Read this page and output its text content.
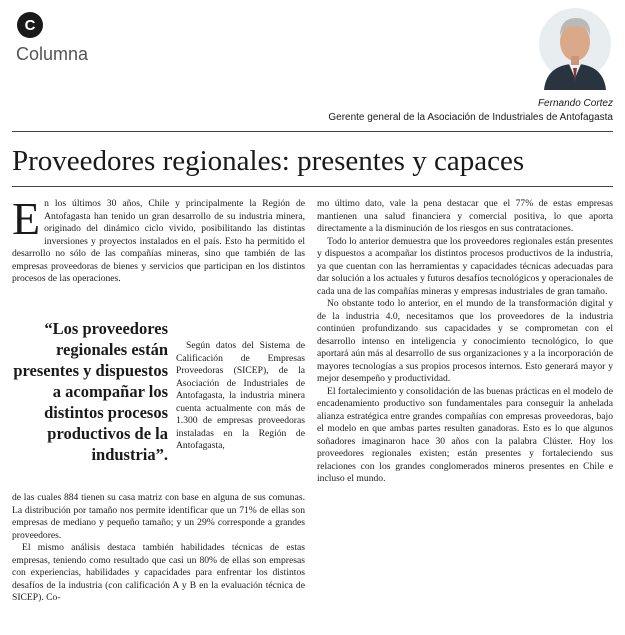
C
Columna
Fernando Cortez
Gerente general de la Asociación de Industriales de Antofagasta
Proveedores regionales: presentes y capaces
E n los últimos 30 años, Chile y principalmente la Región de Antofagasta han tenido un gran desarrollo de su industria minera, originado del dinámico ciclo vivido, posibilitando las distintas inversiones y proyectos instalados en el país. Esto ha permitido el desarrollo no sólo de las compañías mineras, sino que también de las empresas proveedoras de bienes y servicios que participan en los distintos procesos de las operaciones.

“Los proveedores regionales están presentes y dispuestos a acompañar los distintos procesos productivos de la industria”.

Según datos del Sistema de Calificación de Empresas Proveedoras (SICEP), de la Asociación de Industriales de Antofagasta, la industria minera cuenta actualmente con más de 1.300 de empresas proveedoras instaladas en la Región de Antofagasta,

de las cuales 884 tienen su casa matriz con base en alguna de sus comunas. La distribución por tamaño nos permite identificar que un 71% de ellas son empresas de mediano y pequeño tamaño; y un 29% corresponde a grandes proveedores.

El mismo análisis destaca también habilidades técnicas de estas empresas, teniendo como resultado que casi un 80% de ellas son empresas con experiencias, habilidades y capacidades para enfrentar los distintos desafíos de la industria (con calificación A y B en la evaluación técnica de SICEP). Co-

mo último dato, vale la pena destacar que el 77% de estas empresas mantienen una salud financiera y comercial positiva, lo que aporta directamente a la disminución de los riesgos en sus contrataciones.

Todo lo anterior demuestra que los proveedores regionales están presentes y dispuestos a acompañar los distintos procesos productivos de la industria, ya que cuentan con las herramientas y capacidades técnicas adecuadas para dar solución a los actuales y futuros desafíos tecnológicos y operacionales de cada una de las compañías mineras y empresas industriales de gran tamaño.

No obstante todo lo anterior, en el mundo de la transformación digital y de la industria 4.0, necesitamos que los proveedores de la industria continúen profundizando sus capacidades y se comprometan con el desarrollo intenso en inteligencia y conocimiento tecnológico, lo que aportará aún más al desarrollo de sus organizaciones y a la incorporación de mayores tecnologías a sus propios procesos internos. Esto generará mayor y mejor desempeño y productividad.

El fortalecimiento y consolidación de las buenas prácticas en el modelo de encadenamiento productivo son fundamentales para conseguir la anhelada alianza estratégica entre grandes compañías con empresas proveedoras, bajo el modelo en que ambas partes resulten ganadoras. Esto es lo que algunos soñadores imaginaron hace 30 años con la palabra Clúster. Hoy los proveedores regionales existen; están presentes y fortaleciendo sus relaciones con los grandes conglomerados mineros presentes en Chile e incluso el mundo.
